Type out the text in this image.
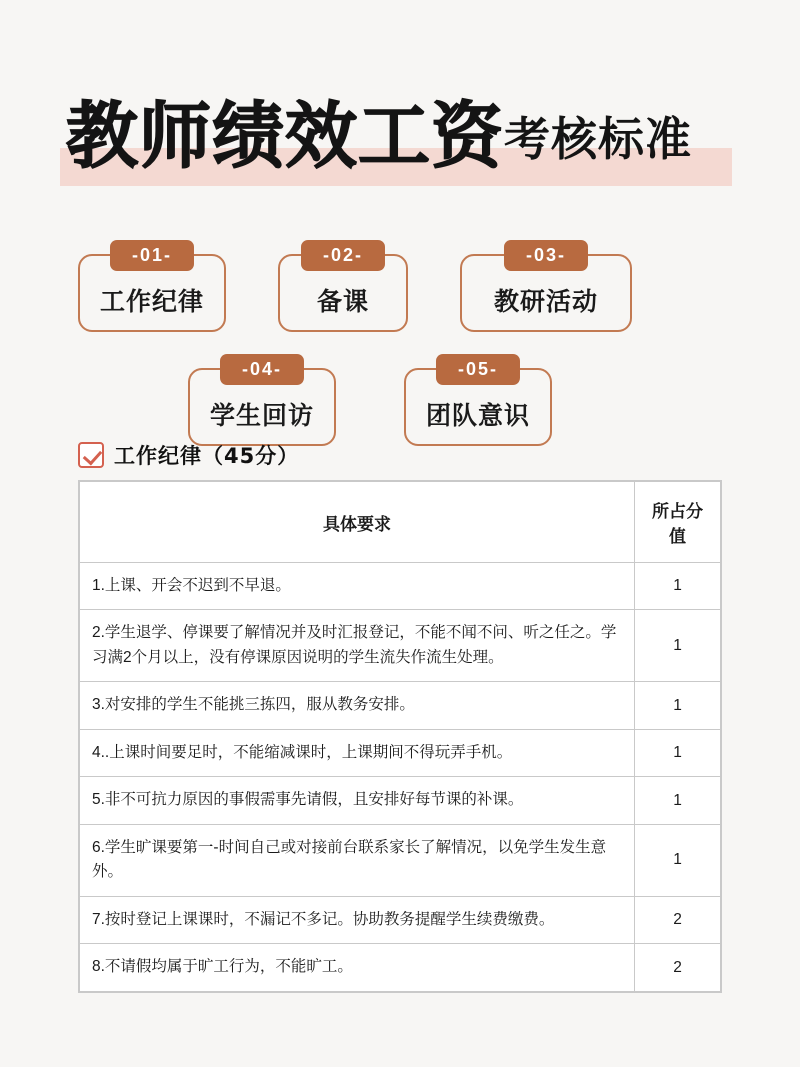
教师绩效工资考核标准
-01-
工作纪律
-02-
备课
-03-
教研活动
-04-
学生回访
-05-
团队意识
工作纪律（45分）
具体要求	所占分值
1.上课、开会不迟到不早退。	1
2.学生退学、停课要了解情况并及时汇报登记，不能不闻不问、听之任之。学习满2个月以上，没有停课原因说明的学生流失作流生处理。	1
3.对安排的学生不能挑三拣四，服从教务安排。	1
4..上课时间要足时，不能缩减课时，上课期间不得玩弄手机。	1
5.非不可抗力原因的事假需事先请假，且安排好每节课的补课。	1
6.学生旷课要第一-时间自己或对接前台联系家长了解情况，以免学生发生意外。	1
7.按时登记上课课时，不漏记不多记。协助教务提醒学生续费缴费。	2
8.不请假均属于旷工行为，不能旷工。	2
